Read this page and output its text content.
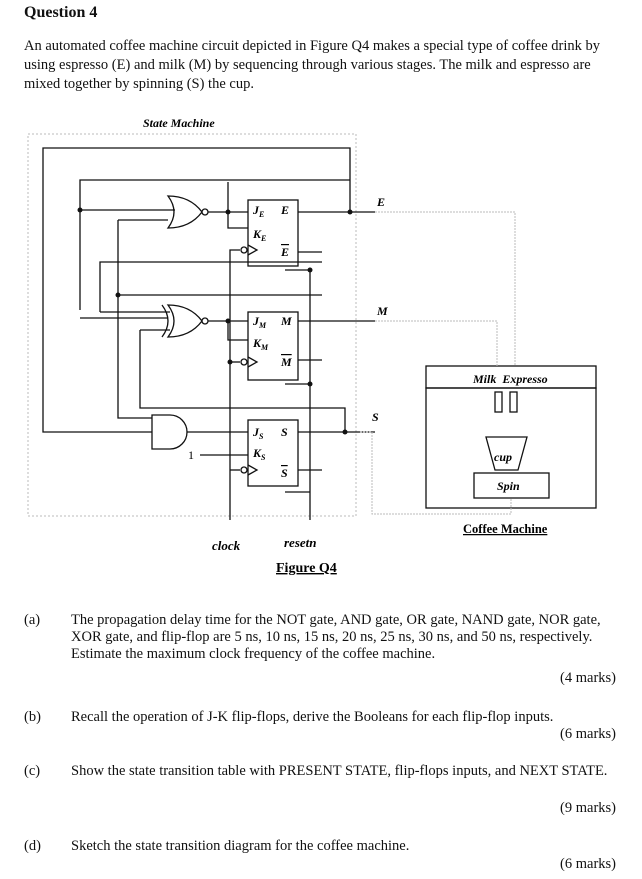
Question 4
An automated coffee machine circuit depicted in Figure Q4 makes a special type of coffee drink by using espresso (E) and milk (M) by sequencing through various stages. The milk and espresso are mixed together by spinning (S) the cup.
State Machine
$J_E$
$K_E$
E
E
$J_M$
$K_M$
M
M
$J_S$
$K_S$
S
S
E
M
S
1
clock	resetn
Figure Q4
Milk  Expresso
cup
Spin
Coffee Machine
(a) The propagation delay time for the NOT gate, AND gate, OR gate, NAND gate, NOR gate, XOR gate, and flip-flop are 5 ns, 10 ns, 15 ns, 20 ns, 25 ns, 30 ns, and 50 ns, respectively. Estimate the maximum clock frequency of the coffee machine.
(4 marks)
(b) Recall the operation of J-K flip-flops, derive the Booleans for each flip-flop inputs.
(6 marks)
(c) Show the state transition table with PRESENT STATE, flip-flops inputs, and NEXT STATE.
(9 marks)
(d) Sketch the state transition diagram for the coffee machine.
(6 marks)
